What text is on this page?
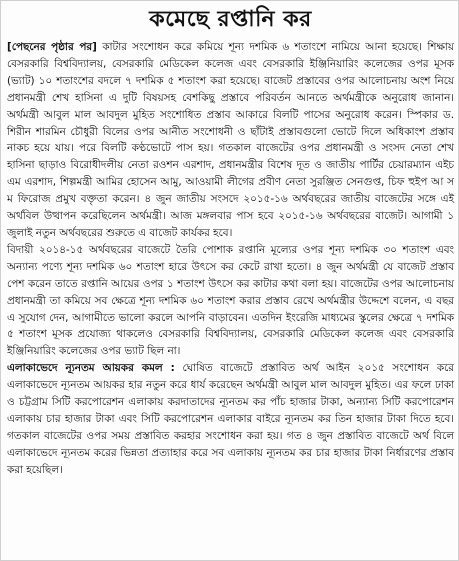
কমেছে রপ্তানি কর

[পেছনের পৃষ্ঠার পর] কাটার সংশোধন করে কমিয়ে শূন্য দশমিক ৬ শতাংশে নামিয়ে আনা হয়েছে। শিক্ষায় বেসরকারি বিশ্ববিদ্যালয়, বেসরকারি মেডিকেল কলেজ এবং বেসরকারি ইঞ্জিনিয়ারিং কলেজের ওপর মূসক (ভ্যাট) ১০ শতাংশের বদলে ৭ দশমিক ৫ শতাংশ করা হয়েছে। বাজেট প্রস্তাবের ওপর আলোচনায় অংশ নিয়ে প্রধানমন্ত্রী শেখ হাসিনা এ দুটি বিষয়সহ বেশকিছু প্রস্তাবে পরিবর্তন আনতে অর্থমন্ত্রীকে অনুরোধ জানান। অর্থমন্ত্রী আবুল মাল আবদুল মুহিত সংশোধিত প্রস্তাব আকারে বিলটি পাসের অনুরোধ করেন। স্পিকার ড. শিরীন শারমিন চৌধুরী বিলের ওপর আনীত সংশোধনী ও ছাঁটাই প্রস্তাবগুলো ভোটে দিলে অধিকাংশ প্রস্তাব নাকচ হয়ে যায়। পরে বিলটি কণ্ঠভোটে পাস হয়। গতকাল বাজেটের ওপর প্রধানমন্ত্রী ও সংসদ নেতা শেখ হাসিনা ছাড়াও বিরোধীদলীয় নেতা রওশন এরশাদ, প্রধানমন্ত্রীর বিশেষ দূত ও জাতীয় পার্টির চেয়ারম্যান এইচ এম এরশাদ, শিল্পমন্ত্রী আমির হোসেন আমু, আওয়ামী লীগের প্রবীণ নেতা সুরঞ্জিত সেনগুপ্ত, চিফ হুইপ আ স ম ফিরোজ প্রমুখ বক্তৃতা করেন। ৪ জুন জাতীয় সংসদে ২০১৫-১৬ অর্থবছরের জাতীয় বাজেটের সঙ্গে এই অর্থবিল উত্থাপন করেছিলেন অর্থমন্ত্রী। আজ মঙ্গলবার পাস হবে ২০১৫-১৬ অর্থবছরের বাজেট। আগামী ১ জুলাই নতুন অর্থবছরের শুরুতে এ বাজেট কার্যকর হবে।

বিদায়ী ২০১৪-১৫ অর্থবছরের বাজেটে তৈরি পোশাক রপ্তানি মূল্যের ওপর শূন্য দশমিক ৩০ শতাংশ এবং অন্যান্য পণ্যে শূন্য দশমিক ৬০ শতাংশ হারে উৎসে কর কেটে রাখা হতো। ৪ জুন অর্থমন্ত্রী যে বাজেট প্রস্তাব পেশ করেন তাতে রপ্তানি আয়ের ওপর ১ শতাংশ উৎসে কর কাটার কথা বলা হয়। বাজেটের ওপর আলোচনায় প্রধানমন্ত্রী তা কমিয়ে সব ক্ষেত্রে শূন্য দশমিক ৬০ শতাংশ করার প্রস্তাব রেখে অর্থমন্ত্রীর উদ্দেশে বলেন, এ বছর এ সুযোগ দেন, আগামীতে ভালো করলে আপনি বাড়াবেন। এতদিন ইংরেজি মাধ্যমের স্কুলের ক্ষেত্রে ৭ দশমিক ৫ শতাংশ মূসক প্রযোজ্য থাকলেও বেসরকারি বিশ্ববিদ্যালয়, বেসরকারি মেডিকেল কলেজ এবং বেসরকারি ইঞ্জিনিয়ারিং কলেজের ওপর ভ্যাট ছিল না।

এলাকাভেদে ন্যূনতম আয়কর কমল : ঘোষিত বাজেটে প্রস্তাবিত অর্থ আইন ২০১৫ সংশোধন করে এলাকাভেদে ন্যূনতম আয়কর হার নতুন করে ধার্য করেছেন অর্থমন্ত্রী আবুল মাল আবদুল মুহিত। এর ফলে ঢাকা ও চট্টগ্রাম সিটি করপোরেশন এলাকায় করদাতাদের ন্যূনতম কর পাঁচ হাজার টাকা, অন্যান্য সিটি করপোরেশন এলাকায় চার হাজার টাকা এবং সিটি করপোরেশন এলাকার বাইরে ন্যূনতম কর তিন হাজার টাকা দিতে হবে। গতকাল বাজেটের ওপর সময় প্রস্তাবিত করহার সংশোধন করা হয়। গত ৪ জুন প্রস্তাবিত বাজেটে অর্থ বিলে এলাকাভেদে ন্যূনতম করের ভিন্নতা প্রত্যাহার করে সব এলাকায় ন্যূনতম কর চার হাজার টাকা নির্ধারণের প্রস্তাব করা হয়েছিল।
